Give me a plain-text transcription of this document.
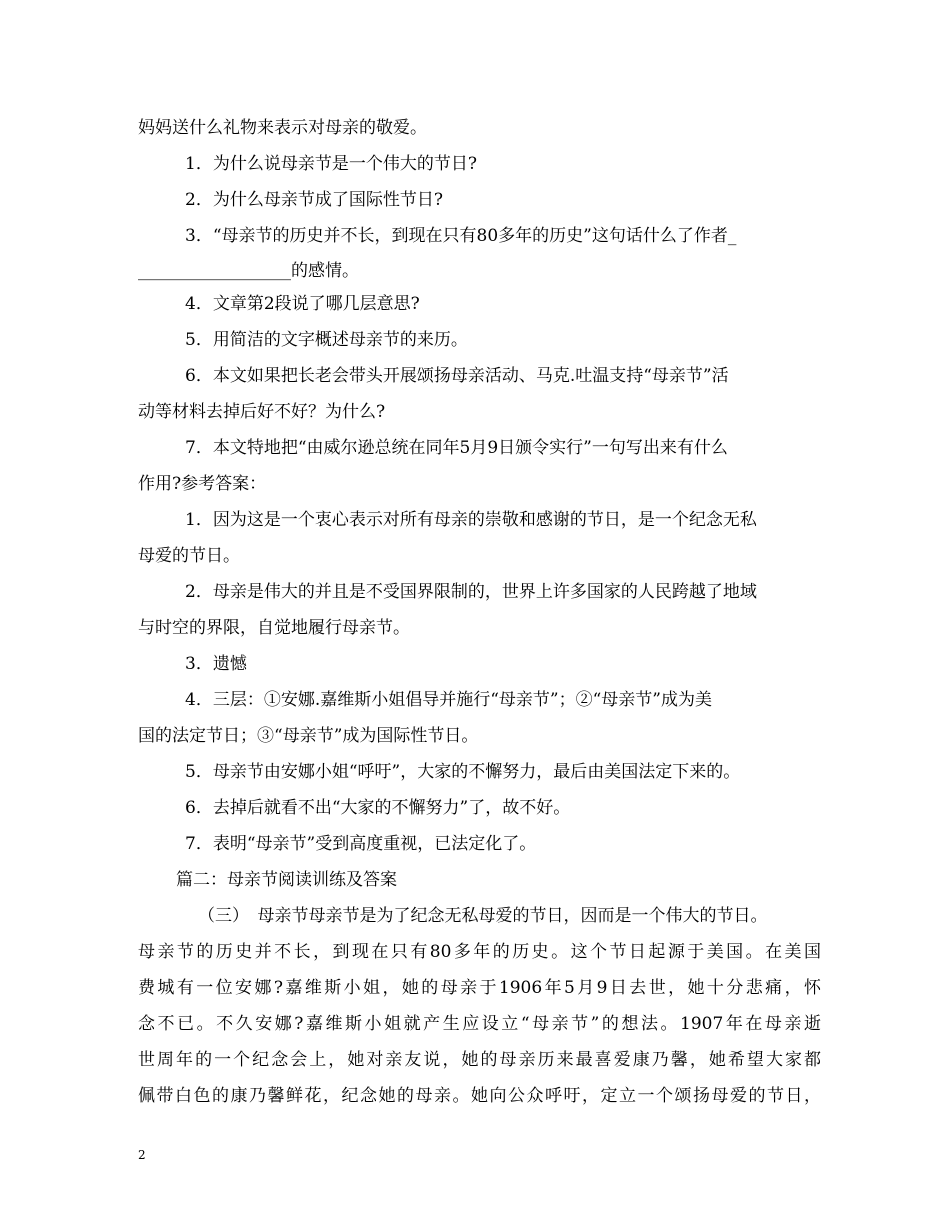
妈妈送什么礼物来表示对母亲的敬爱。
1．为什么说母亲节是一个伟大的节日?
2．为什么母亲节成了国际性节日?
3．“母亲节的历史并不长，到现在只有80多年的历史”这句话什么了作者_
__________________的感情。
4．文章第2段说了哪几层意思?
5．用简洁的文字概述母亲节的来历。
6．本文如果把长老会带头开展颂扬母亲活动、马克.吐温支持“母亲节”活
动等材料去掉后好不好？为什么?
7．本文特地把“由威尔逊总统在同年5月9日颁令实行”一句写出来有什么
作用?参考答案：
1．因为这是一个衷心表示对所有母亲的崇敬和感谢的节日，是一个纪念无私
母爱的节日。
2．母亲是伟大的并且是不受国界限制的，世界上许多国家的人民跨越了地域
与时空的界限，自觉地履行母亲节。
3．遗憾
4．三层：①安娜.嘉维斯小姐倡导并施行“母亲节”；②“母亲节”成为美
国的法定节日；③“母亲节”成为国际性节日。
5．母亲节由安娜小姐“呼吁”，大家的不懈努力，最后由美国法定下来的。
6．去掉后就看不出“大家的不懈努力”了，故不好。
7．表明“母亲节”受到高度重视，已法定化了。
篇二：母亲节阅读训练及答案
（三）　母亲节母亲节是为了纪念无私母爱的节日，因而是一个伟大的节日。
母亲节的历史并不长，到现在只有80多年的历史。这个节日起源于美国。在美国
费城有一位安娜?嘉维斯小姐，她的母亲于1906年5月9日去世，她十分悲痛，怀
念不已。不久安娜?嘉维斯小姐就产生应设立“母亲节”的想法。1907年在母亲逝
世周年的一个纪念会上，她对亲友说，她的母亲历来最喜爱康乃馨，她希望大家都
佩带白色的康乃馨鲜花，纪念她的母亲。她向公众呼吁，定立一个颂扬母爱的节日，
2
